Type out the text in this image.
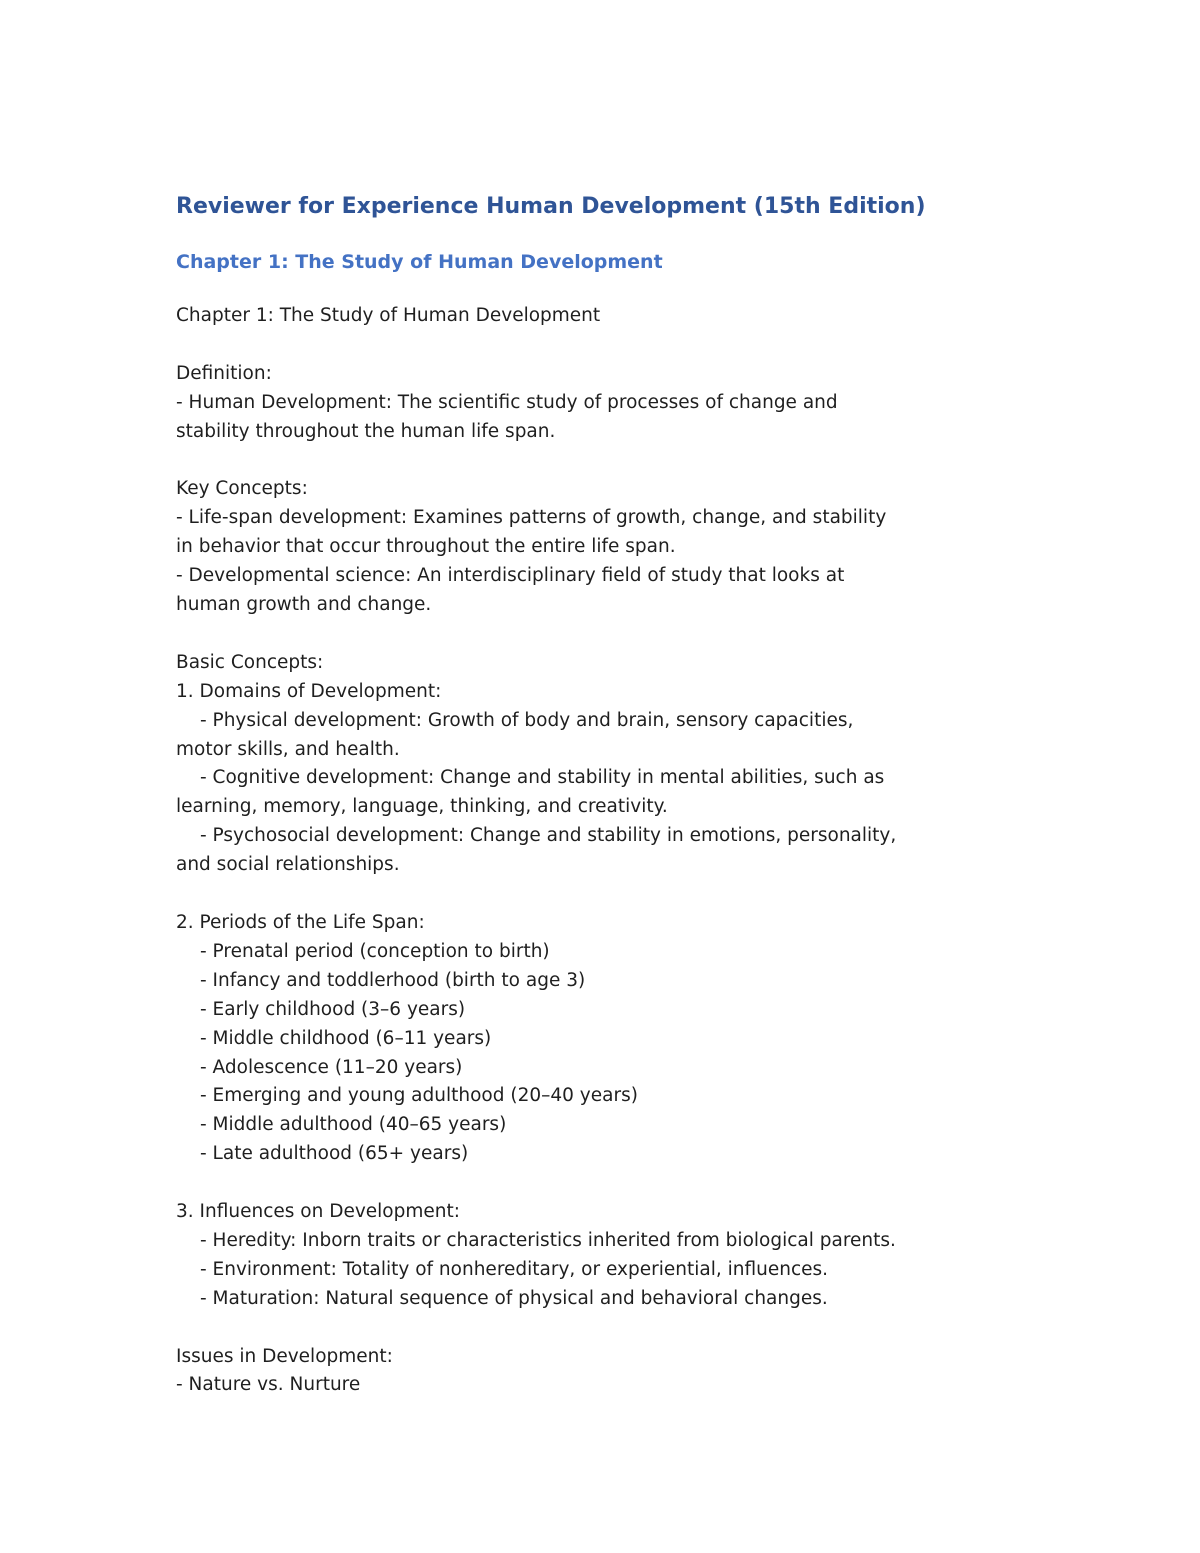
Reviewer for Experience Human Development (15th Edition)
Chapter 1: The Study of Human Development
Chapter 1: The Study of Human Development
Definition:
- Human Development: The scientific study of processes of change and
stability throughout the human life span.
Key Concepts:
- Life-span development: Examines patterns of growth, change, and stability
in behavior that occur throughout the entire life span.
- Developmental science: An interdisciplinary field of study that looks at
human growth and change.
Basic Concepts:
1. Domains of Development:
- Physical development: Growth of body and brain, sensory capacities,
motor skills, and health.
- Cognitive development: Change and stability in mental abilities, such as
learning, memory, language, thinking, and creativity.
- Psychosocial development: Change and stability in emotions, personality,
and social relationships.
2. Periods of the Life Span:
- Prenatal period (conception to birth)
- Infancy and toddlerhood (birth to age 3)
- Early childhood (3–6 years)
- Middle childhood (6–11 years)
- Adolescence (11–20 years)
- Emerging and young adulthood (20–40 years)
- Middle adulthood (40–65 years)
- Late adulthood (65+ years)
3. Influences on Development:
- Heredity: Inborn traits or characteristics inherited from biological parents.
- Environment: Totality of nonhereditary, or experiential, influences.
- Maturation: Natural sequence of physical and behavioral changes.
Issues in Development:
- Nature vs. Nurture
